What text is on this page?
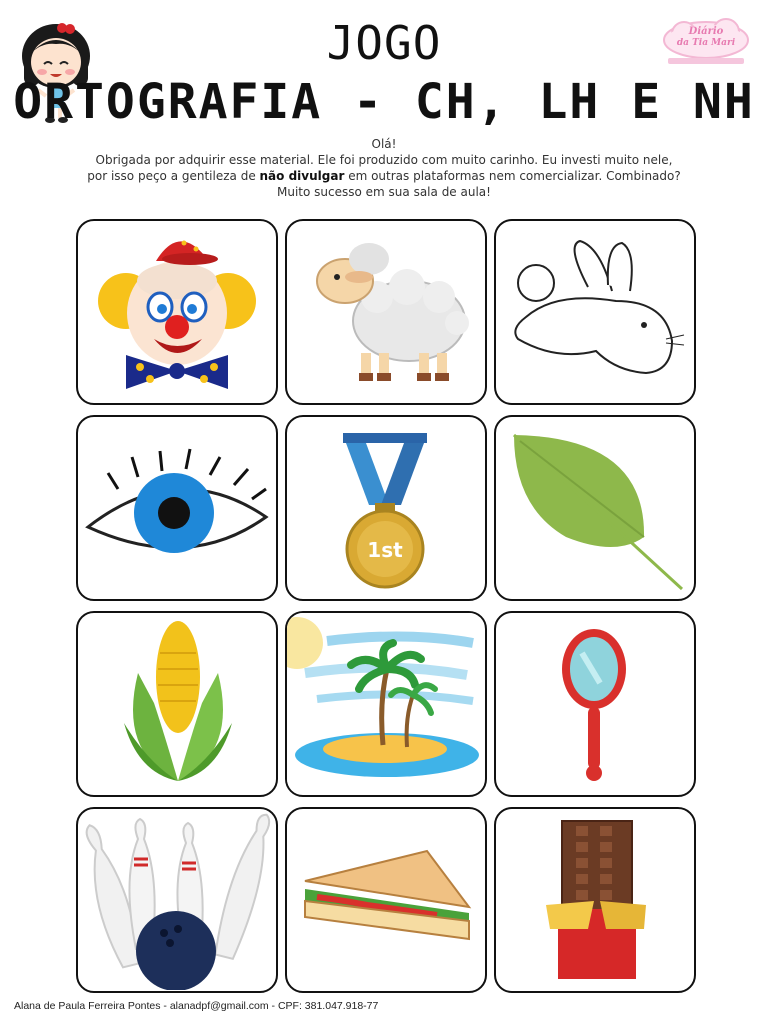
JOGO
ORTOGRAFIA - CH, LH E NH
Diário
da Tia Mari
Olá!
Obrigada por adquirir esse material. Ele foi produzido com muito carinho. Eu investi muito nele,
por isso peço a gentileza de não divulgar em outras plataformas nem comercializar. Combinado?
Muito sucesso em sua sala de aula!
1st
Alana de Paula Ferreira Pontes - alanadpf@gmail.com - CPF: 381.047.918-77
